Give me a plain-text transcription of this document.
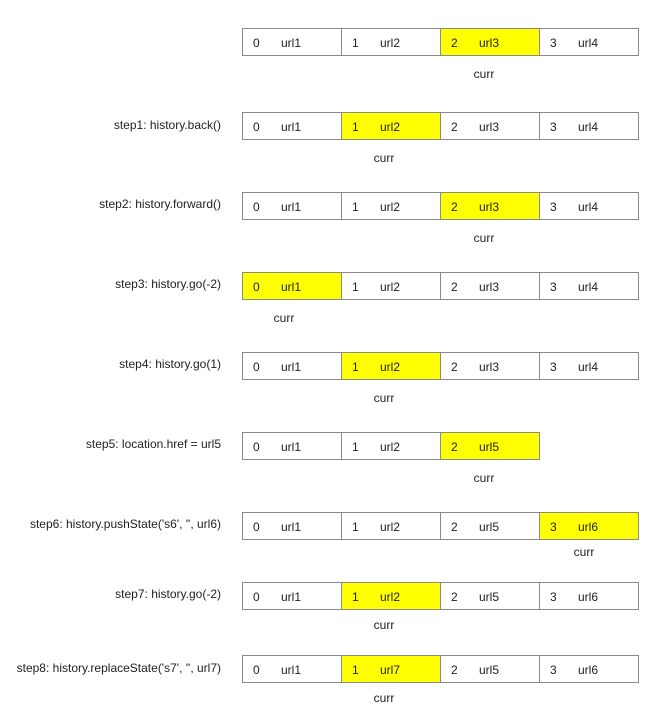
0 url1	1 url2	2 url3	3 url4
curr
step1: history.back()	0 url1	1 url2	2 url3	3 url4
curr
step2: history.forward()	0 url1	1 url2	2 url3	3 url4
curr
step3: history.go(-2)	0 url1	1 url2	2 url3	3 url4
curr
step4: history.go(1)	0 url1	1 url2	2 url3	3 url4
curr
step5: location.href = url5	0 url1	1 url2	2 url5
curr
step6: history.pushState('s6', '', url6)	0 url1	1 url2	2 url5	3 url6
curr
step7: history.go(-2)	0 url1	1 url2	2 url5	3 url6
curr
step8: history.replaceState('s7', '', url7)	0 url1	1 url7	2 url5	3 url6
curr
